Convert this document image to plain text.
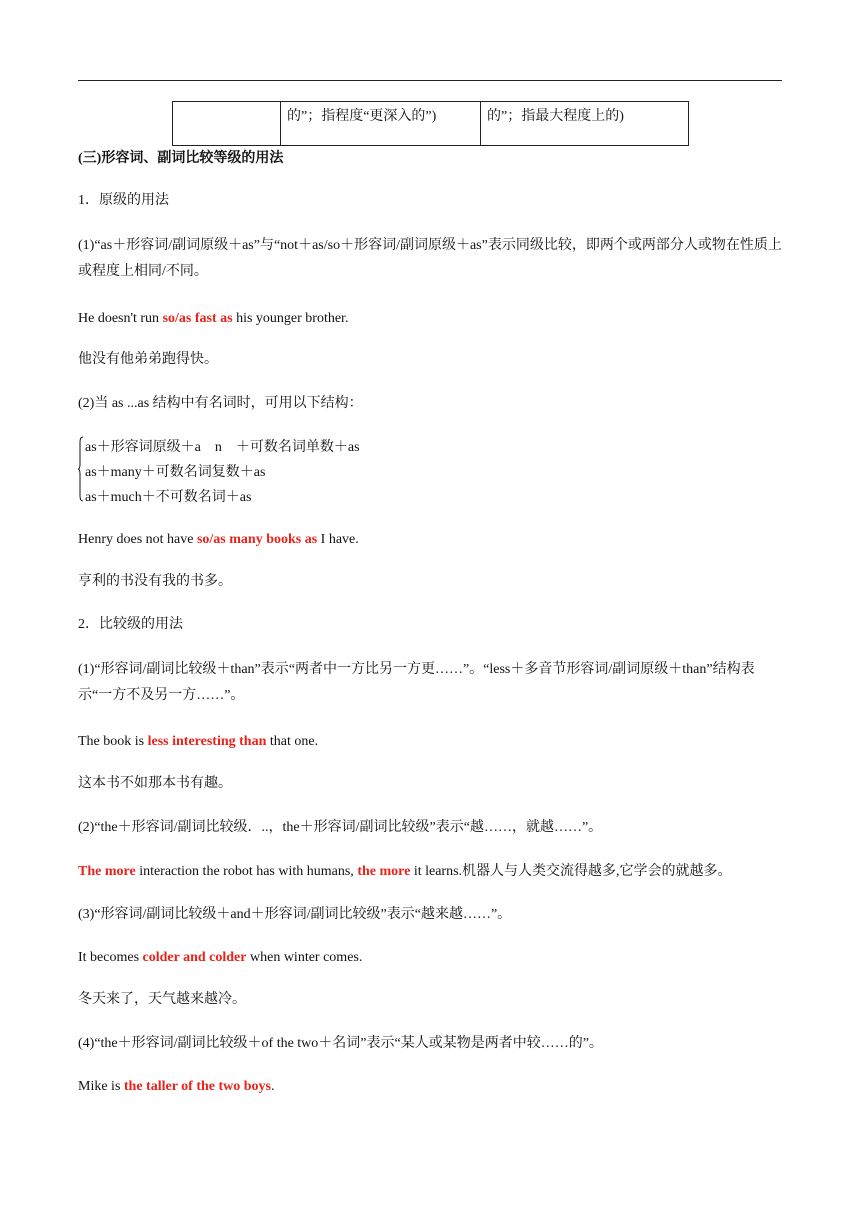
	的”；指程度“更深入的”)	的”；指最大程度上的)
(三)形容词、副词比较等级的用法
1．原级的用法
(1)“as＋形容词/副词原级＋as”与“not＋as/so＋形容词/副词原级＋as”表示同级比较，即两个或两部分人或物在性质上或程度上相同/不同。
He doesn't run so/as fast as his younger brother.
他没有他弟弟跑得快。
(2)当 as ...as 结构中有名词时，可用以下结构：
as＋形容词原级＋a　n　＋可数名词单数＋as
as＋many＋可数名词复数＋as
as＋much＋不可数名词＋as
Henry does not have so/as many books as I have.
亨利的书没有我的书多。
2．比较级的用法
(1)“形容词/副词比较级＋than”表示“两者中一方比另一方更……”。“less＋多音节形容词/副词原级＋than”结构表示“一方不及另一方……”。
The book is less interesting than that one.
这本书不如那本书有趣。
(2)“the＋形容词/副词比较级．..，the＋形容词/副词比较级”表示“越……，就越……”。
The more interaction the robot has with humans, the more it learns.机器人与人类交流得越多,它学会的就越多。
(3)“形容词/副词比较级＋and＋形容词/副词比较级”表示“越来越……”。
It becomes colder and colder when winter comes.
冬天来了，天气越来越冷。
(4)“the＋形容词/副词比较级＋of the two＋名词”表示“某人或某物是两者中较……的”。
Mike is the taller of the two boys.
